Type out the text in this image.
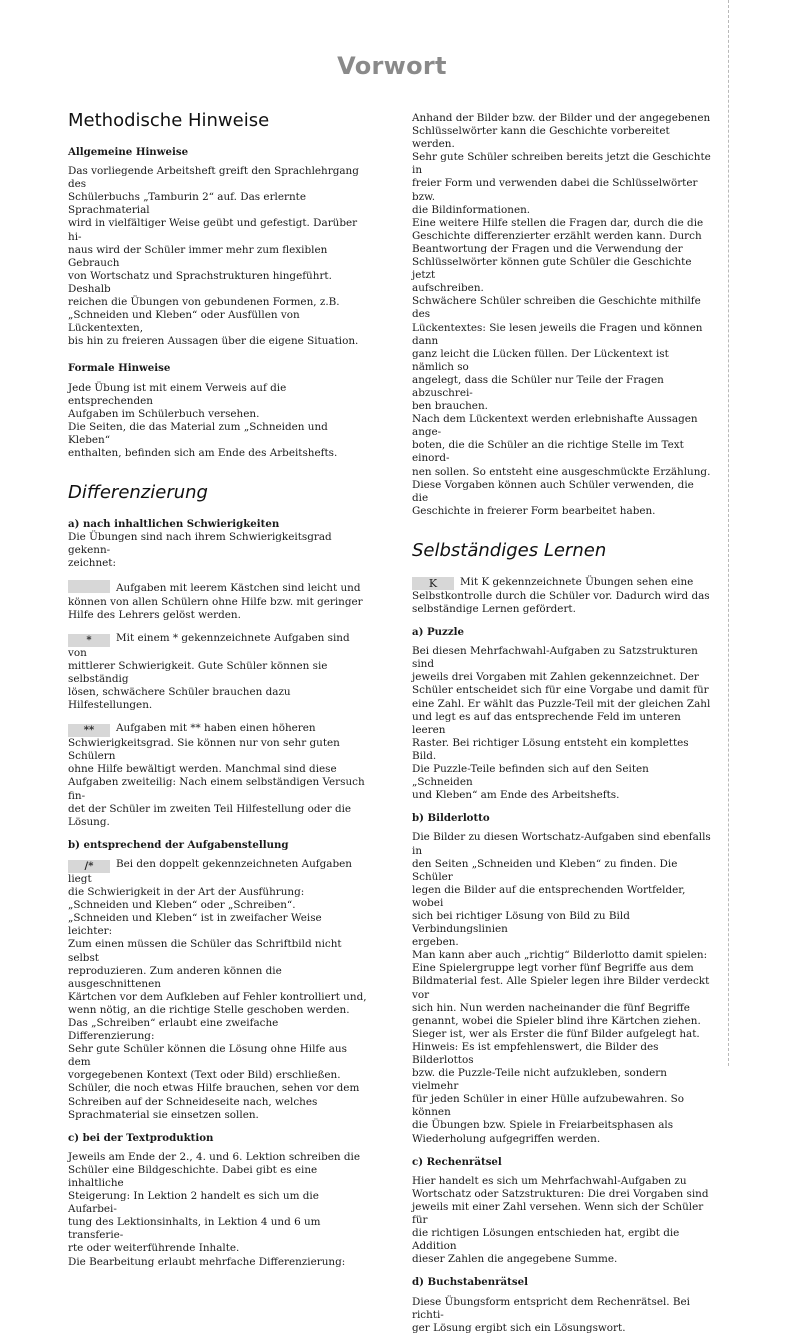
Vorwort
Methodische Hinweise
Allgemeine Hinweise

Das vorliegende Arbeitsheft greift den Sprachlehrgang des

Schülerbuchs „Tamburin 2“ auf. Das erlernte Sprachmaterial

wird in vielfältiger Weise geübt und gefestigt. Darüber hi-

naus wird der Schüler immer mehr zum flexiblen Gebrauch

von Wortschatz und Sprachstrukturen hingeführt. Deshalb

reichen die Übungen von gebundenen Formen, z.B.

„Schneiden und Kleben“ oder Ausfüllen von Lückentexten,

bis hin zu freieren Aussagen über die eigene Situation.

Formale Hinweise

Jede Übung ist mit einem Verweis auf die entsprechenden

Aufgaben im Schülerbuch versehen.

Die Seiten, die das Material zum „Schneiden und Kleben“

enthalten, befinden sich am Ende des Arbeitshefts.

Differenzierung
a) nach inhaltlichen Schwierigkeiten

Die Übungen sind nach ihrem Schwierigkeitsgrad gekenn-

zeichnet:

Aufgaben mit leerem Kästchen sind leicht und

können von allen Schülern ohne Hilfe bzw. mit geringer

Hilfe des Lehrers gelöst werden.

* Mit einem * gekennzeichnete Aufgaben sind von

mittlerer Schwierigkeit. Gute Schüler können sie selbständig

lösen, schwächere Schüler brauchen dazu Hilfestellungen.

** Aufgaben mit ** haben einen höheren

Schwierigkeitsgrad. Sie können nur von sehr guten Schülern

ohne Hilfe bewältigt werden. Manchmal sind diese

Aufgaben zweiteilig: Nach einem selbständigen Versuch fin-

det der Schüler im zweiten Teil Hilfestellung oder die

Lösung.

b) entsprechend der Aufgabenstellung

/* Bei den doppelt gekennzeichneten Aufgaben liegt

die Schwierigkeit in der Art der Ausführung:

„Schneiden und Kleben“ oder „Schreiben“.

„Schneiden und Kleben“ ist in zweifacher Weise leichter:

Zum einen müssen die Schüler das Schriftbild nicht selbst

reproduzieren. Zum anderen können die ausgeschnittenen

Kärtchen vor dem Aufkleben auf Fehler kontrolliert und,

wenn nötig, an die richtige Stelle geschoben werden.

Das „Schreiben“ erlaubt eine zweifache Differenzierung:

Sehr gute Schüler können die Lösung ohne Hilfe aus dem

vorgegebenen Kontext (Text oder Bild) erschließen.

Schüler, die noch etwas Hilfe brauchen, sehen vor dem

Schreiben auf der Schneideseite nach, welches

Sprachmaterial sie einsetzen sollen.

c) bei der Textproduktion

Jeweils am Ende der 2., 4. und 6. Lektion schreiben die

Schüler eine Bildgeschichte. Dabei gibt es eine inhaltliche

Steigerung: In Lektion 2 handelt es sich um die Aufarbei-

tung des Lektionsinhalts, in Lektion 4 und 6 um transferie-

rte oder weiterführende Inhalte.

Die Bearbeitung erlaubt mehrfache Differenzierung:

Anhand der Bilder bzw. der Bilder und der angegebenen

Schlüsselwörter kann die Geschichte vorbereitet werden.

Sehr gute Schüler schreiben bereits jetzt die Geschichte in

freier Form und verwenden dabei die Schlüsselwörter bzw.

die Bildinformationen.

Eine weitere Hilfe stellen die Fragen dar, durch die die

Geschichte differenzierter erzählt werden kann. Durch

Beantwortung der Fragen und die Verwendung der

Schlüsselwörter können gute Schüler die Geschichte jetzt

aufschreiben.

Schwächere Schüler schreiben die Geschichte mithilfe des

Lückentextes: Sie lesen jeweils die Fragen und können dann

ganz leicht die Lücken füllen. Der Lückentext ist nämlich so

angelegt, dass die Schüler nur Teile der Fragen abzuschrei-

ben brauchen.

Nach dem Lückentext werden erlebnishafte Aussagen ange-

boten, die die Schüler an die richtige Stelle im Text einord-

nen sollen. So entsteht eine ausgeschmückte Erzählung.

Diese Vorgaben können auch Schüler verwenden, die die

Geschichte in freierer Form bearbeitet haben.

Selbständiges Lernen

K Mit K gekennzeichnete Übungen sehen eine

Selbstkontrolle durch die Schüler vor. Dadurch wird das

selbständige Lernen gefördert.

a) Puzzle

Bei diesen Mehrfachwahl-Aufgaben zu Satzstrukturen sind

jeweils drei Vorgaben mit Zahlen gekennzeichnet. Der

Schüler entscheidet sich für eine Vorgabe und damit für

eine Zahl. Er wählt das Puzzle-Teil mit der gleichen Zahl

und legt es auf das entsprechende Feld im unteren leeren

Raster. Bei richtiger Lösung entsteht ein komplettes Bild.

Die Puzzle-Teile befinden sich auf den Seiten „Schneiden

und Kleben“ am Ende des Arbeitshefts.

b) Bilderlotto

Die Bilder zu diesen Wortschatz-Aufgaben sind ebenfalls in

den Seiten „Schneiden und Kleben“ zu finden. Die Schüler

legen die Bilder auf die entsprechenden Wortfelder, wobei

sich bei richtiger Lösung von Bild zu Bild Verbindungslinien

ergeben.

Man kann aber auch „richtig“ Bilderlotto damit spielen:

Eine Spielergruppe legt vorher fünf Begriffe aus dem

Bildmaterial fest. Alle Spieler legen ihre Bilder verdeckt vor

sich hin. Nun werden nacheinander die fünf Begriffe

genannt, wobei die Spieler blind ihre Kärtchen ziehen.

Sieger ist, wer als Erster die fünf Bilder aufgelegt hat.

Hinweis: Es ist empfehlenswert, die Bilder des Bilderlottos

bzw. die Puzzle-Teile nicht aufzukleben, sondern vielmehr

für jeden Schüler in einer Hülle aufzubewahren. So können

die Übungen bzw. Spiele in Freiarbeitsphasen als

Wiederholung aufgegriffen werden.

c) Rechenrätsel

Hier handelt es sich um Mehrfachwahl-Aufgaben zu

Wortschatz oder Satzstrukturen: Die drei Vorgaben sind

jeweils mit einer Zahl versehen. Wenn sich der Schüler für

die richtigen Lösungen entschieden hat, ergibt die Addition

dieser Zahlen die angegebene Summe.

d) Buchstabenrätsel

Diese Übungsform entspricht dem Rechenrätsel. Bei richti-

ger Lösung ergibt sich ein Lösungswort.
